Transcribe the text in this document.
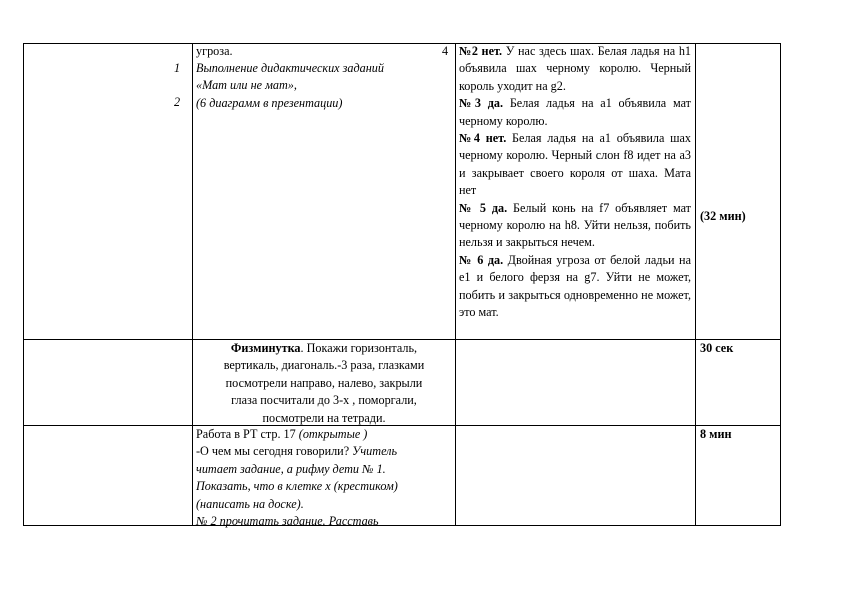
1
2
угроза.	4

Выполнение дидактических заданий

«Мат или не мат»,

(6 диаграмм в презентации)

№2 нет. У нас здесь шах. Белая ладья на h1 объявила шах черному королю. Черный король уходит на g2.

№3 да. Белая ладья на а1 объявила мат черному королю.

№4 нет. Белая ладья на а1 объявила шах черному королю. Черный слон f8 идет на а3 и закрывает своего короля от шаха. Мата нет

№ 5 да. Белый конь на f7 объявляет мат черному королю на h8. Уйти нельзя, побить нельзя и закрыться нечем.

№ 6 да. Двойная угроза от белой ладьи на е1 и белого ферзя на g7. Уйти не может, побить и закрыться одновременно не может, это мат.

(32 мин)

Физминутка. Покажи горизонталь,

вертикаль, диагональ.-3 раза, глазками

посмотрели направо, налево, закрыли

глаза посчитали до 3-х , поморгали,

посмотрели на тетради.

30 сек

Работа в РТ стр. 17 (открытые )

-О чем мы сегодня говорили? Учитель

читает задание, а рифму дети № 1.

Показать, что в клетке x (крестиком)

(написать на доске).

№ 2 прочитать задание. Расставь

8 мин
